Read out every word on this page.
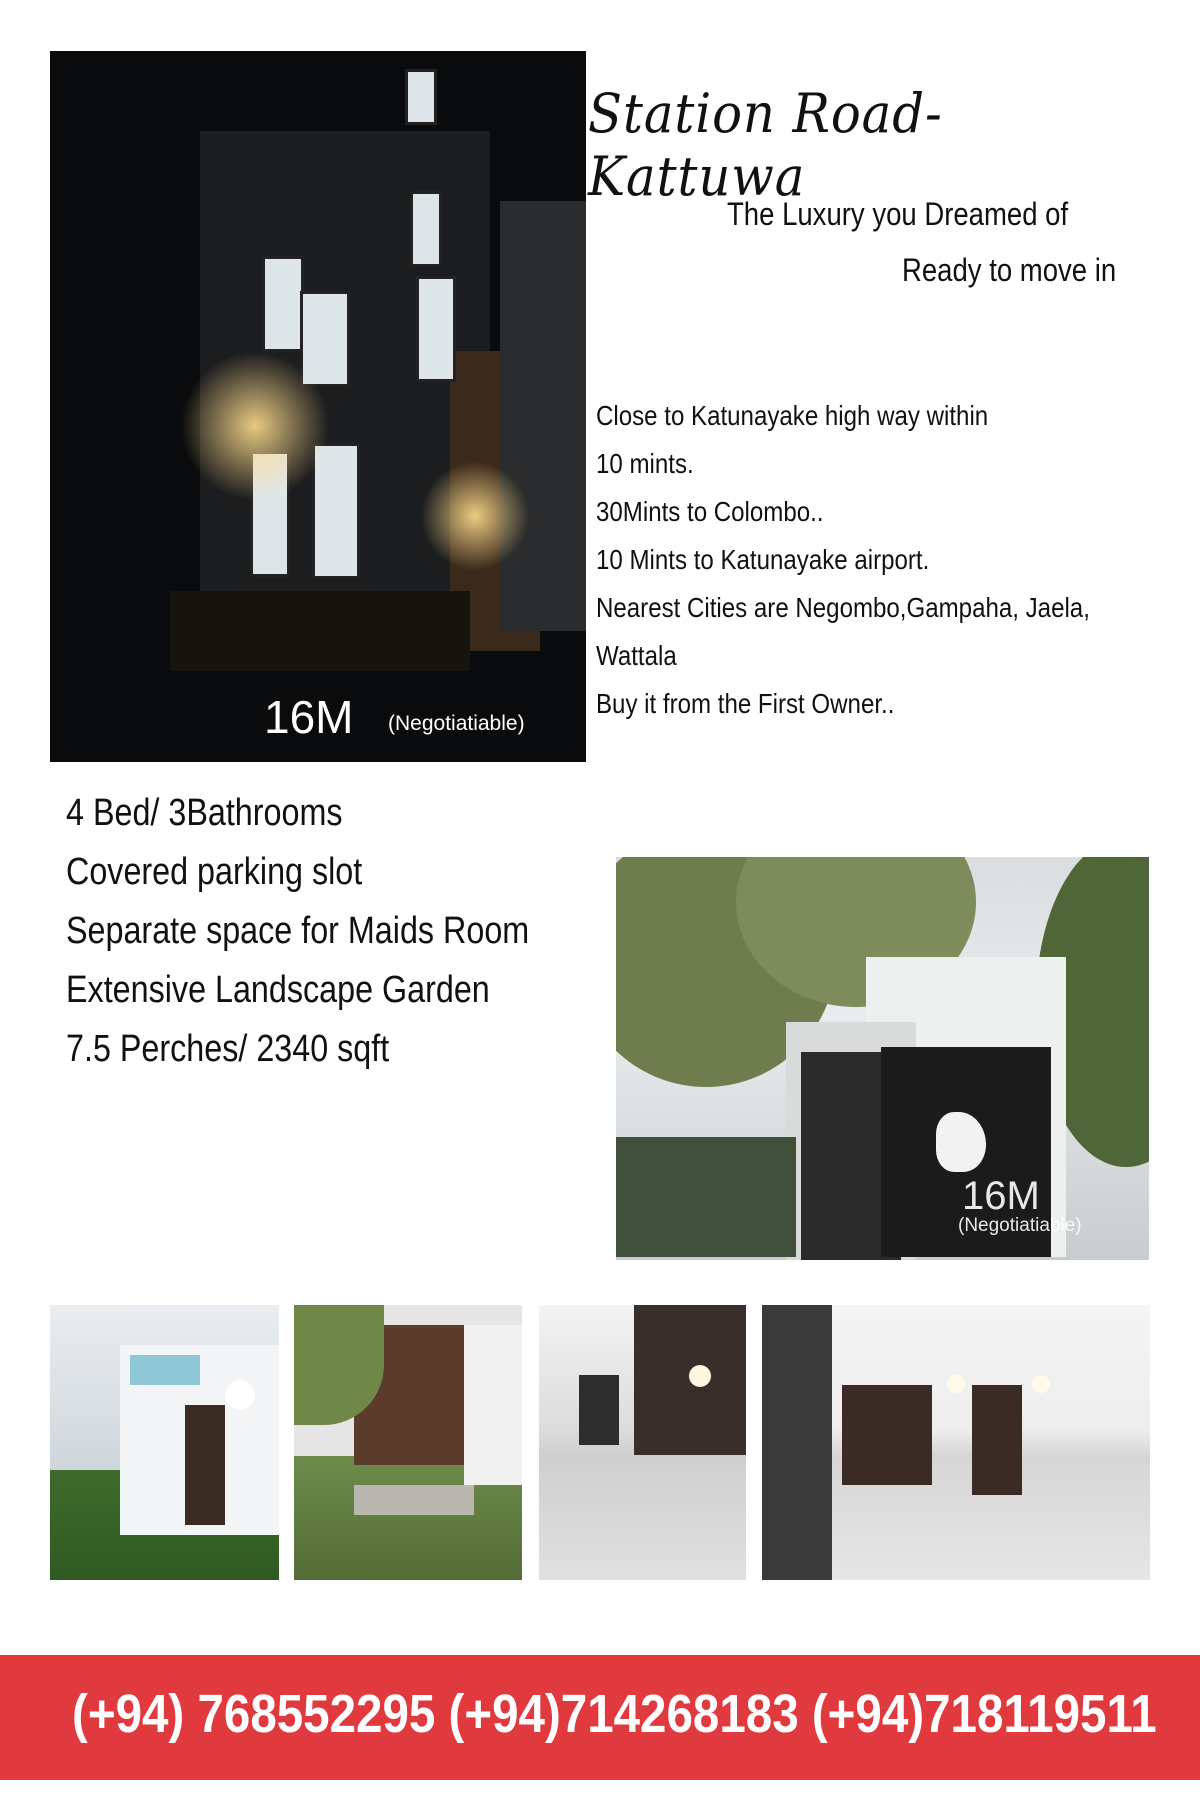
Station Road-Kattuwa
The Luxury you Dreamed of
Ready to move in
Close to Katunayake high way within
10 mints.
30Mints to Colombo..
10 Mints to Katunayake airport.
Nearest Cities are Negombo,Gampaha, Jaela,
Wattala
Buy it from the First Owner..
16M (Negotiatiable)
4 Bed/ 3Bathrooms
Covered parking slot
Separate space for Maids Room
Extensive Landscape Garden
7.5 Perches/ 2340 sqft
16M
(Negotiatiable)
(+94) 768552295 (+94)714268183 (+94)718119511
